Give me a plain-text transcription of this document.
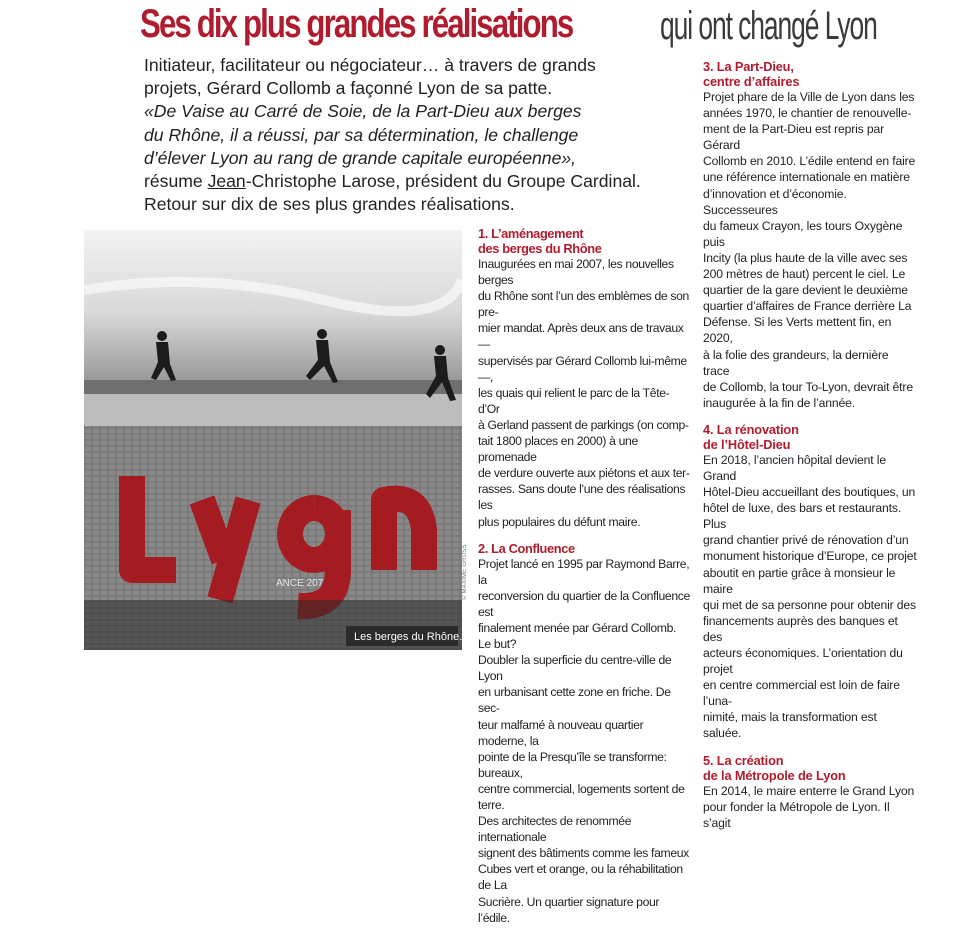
Ses dix plus grandes réalisations qui ont changé Lyon
Initiateur, facilitateur ou négociateur… à travers de grands
projets, Gérard Collomb a façonné Lyon de sa patte.
«De Vaise au Carré de Soie, de la Part-Dieu aux berges
du Rhône, il a réussi, par sa détermination, le challenge
d’élever Lyon au rang de grande capitale européenne»,
résume Jean-Christophe Larose, président du Groupe Cardinal.
Retour sur dix de ses plus grandes réalisations.
ANCE 207
Les berges du Rhône.
© MAXIME GRUSS
1. L’aménagement
des berges du Rhône
Inaugurées en mai 2007, les nouvelles berges
du Rhône sont l’un des emblèmes de son pre-
mier mandat. Après deux ans de travaux —
supervisés par Gérard Collomb lui-même —,
les quais qui relient le parc de la Tête-d’Or
à Gerland passent de parkings (on comp-
tait 1800 places en 2000) à une promenade
de verdure ouverte aux piétons et aux ter-
rasses. Sans doute l’une des réalisations les
plus populaires du défunt maire.
2. La Confluence
Projet lancé en 1995 par Raymond Barre, la
reconversion du quartier de la Confluence est
finalement menée par Gérard Collomb. Le but?
Doubler la superficie du centre-ville de Lyon
en urbanisant cette zone en friche. De sec-
teur malfamé à nouveau quartier moderne, la
pointe de la Presqu’île se transforme: bureaux,
centre commercial, logements sortent de terre.
Des architectes de renommée internationale
signent des bâtiments comme les fameux
Cubes vert et orange, ou la réhabilitation de La
Sucrière. Un quartier signature pour l’édile.
3. La Part-Dieu,
centre d’affaires
Projet phare de la Ville de Lyon dans les
années 1970, le chantier de renouvelle-
ment de la Part-Dieu est repris par Gérard
Collomb en 2010. L’édile entend en faire
une référence internationale en matière
d’innovation et d’économie. Successeures
du fameux Crayon, les tours Oxygène puis
Incity (la plus haute de la ville avec ses
200 mètres de haut) percent le ciel. Le
quartier de la gare devient le deuxième
quartier d’affaires de France derrière La
Défense. Si les Verts mettent fin, en 2020,
à la folie des grandeurs, la dernière trace
de Collomb, la tour To-Lyon, devrait être
inaugurée à la fin de l’année.
4. La rénovation
de l’Hôtel-Dieu
En 2018, l’ancien hôpital devient le Grand
Hôtel-Dieu accueillant des boutiques, un
hôtel de luxe, des bars et restaurants. Plus
grand chantier privé de rénovation d’un
monument historique d’Europe, ce projet
aboutit en partie grâce à monsieur le maire
qui met de sa personne pour obtenir des
financements auprès des banques et des
acteurs économiques. L’orientation du projet
en centre commercial est loin de faire l’una-
nimité, mais la transformation est saluée.
5. La création
de la Métropole de Lyon
En 2014, le maire enterre le Grand Lyon
pour fonder la Métropole de Lyon. Il s’agit
